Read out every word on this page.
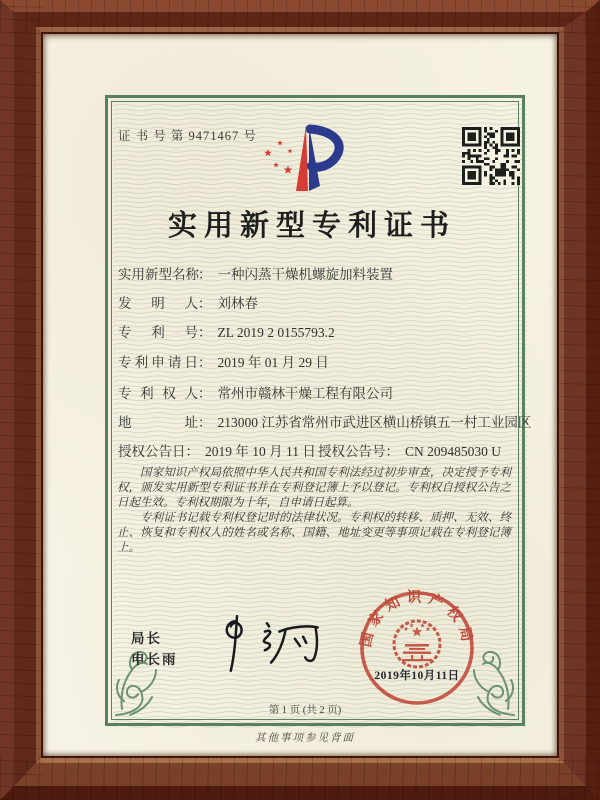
证 书 号 第 9471467 号
实用新型专利证书
实用新型名称： 一种闪蒸干燥机螺旋加料装置
发明人： 刘林春
专利号： ZL 2019 2 0155793.2
专利申请日： 2019 年 01 月 29 日
专利权人： 常州市赣林干燥工程有限公司
地址： 213000 江苏省常州市武进区横山桥镇五一村工业园区
授权公告日： 2019 年 10 月 11 日 授权公告号： CN 209485030 U

国家知识产权局依照中华人民共和国专利法经过初步审查，决定授予专利权，颁发实用新型专利证书并在专利登记簿上予以登记。专利权自授权公告之日起生效。专利权期限为十年，自申请日起算。

专利证书记载专利权登记时的法律状况。专利权的转移、质押、无效、终止、恢复和专利权人的姓名或名称、国籍、地址变更等事项记载在专利登记簿上。

局长
申长雨
国家知识产权局
2019年10月11日
第 1 页 (共 2 页)
其他事项参见背面
